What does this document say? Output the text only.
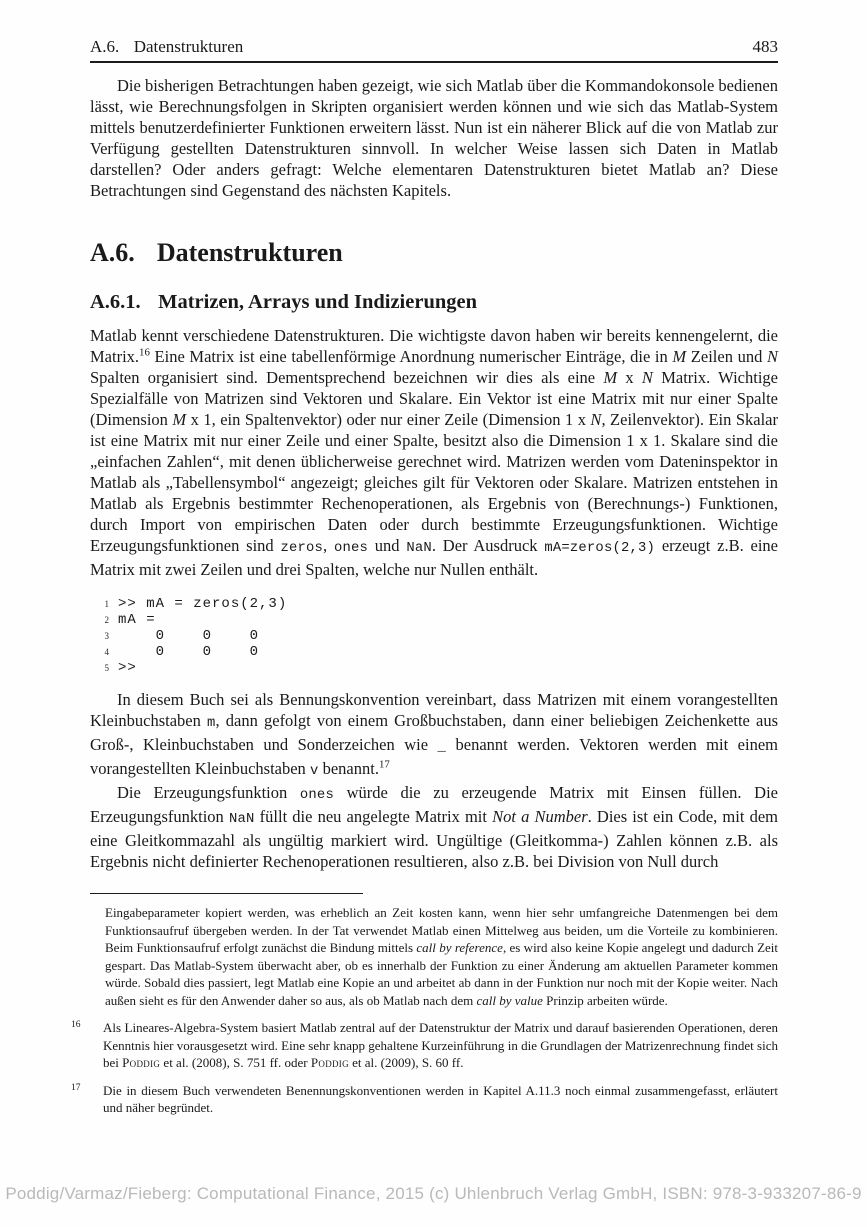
A.6. Datenstrukturen	483

Die bisherigen Betrachtungen haben gezeigt, wie sich Matlab über die Kommandokonsole bedienen lässt, wie Berechnungsfolgen in Skripten organisiert werden können und wie sich das Matlab-System mittels benutzerdefinierter Funktionen erweitern lässt. Nun ist ein näherer Blick auf die von Matlab zur Verfügung gestellten Datenstrukturen sinnvoll. In welcher Weise lassen sich Daten in Matlab darstellen? Oder anders gefragt: Welche elementaren Datenstrukturen bietet Matlab an? Diese Betrachtungen sind Gegenstand des nächsten Kapitels.

A.6. Datenstrukturen
A.6.1. Matrizen, Arrays und Indizierungen

Matlab kennt verschiedene Datenstrukturen. Die wichtigste davon haben wir bereits kennengelernt, die Matrix.$^{16}$ Eine Matrix ist eine tabellenförmige Anordnung numerischer Einträge, die in M Zeilen und N Spalten organisiert sind. Dementsprechend bezeichnen wir dies als eine M x N Matrix. Wichtige Spezialfälle von Matrizen sind Vektoren und Skalare. Ein Vektor ist eine Matrix mit nur einer Spalte (Dimension M x 1, ein Spaltenvektor) oder nur einer Zeile (Dimension 1 x N, Zeilenvektor). Ein Skalar ist eine Matrix mit nur einer Zeile und einer Spalte, besitzt also die Dimension 1 x 1. Skalare sind die „einfachen Zahlen“, mit denen üblicherweise gerechnet wird. Matrizen werden vom Dateninspektor in Matlab als „Tabellensymbol“ angezeigt; gleiches gilt für Vektoren oder Skalare. Matrizen entstehen in Matlab als Ergebnis bestimmter Rechenoperationen, als Ergebnis von (Berechnungs-) Funktionen, durch Import von empirischen Daten oder durch bestimmte Erzeugungsfunktionen. Wichtige Erzeugungsfunktionen sind zeros, ones und NaN. Der Ausdruck mA=zeros(2,3) erzeugt z.B. eine Matrix mit zwei Zeilen und drei Spalten, welche nur Nullen enthält.

1 >> mA = zeros(2,3)
2 mA =
3 0    0    0
4 0    0    0
5 >>

In diesem Buch sei als Bennungskonvention vereinbart, dass Matrizen mit einem vorangestellten Kleinbuchstaben m, dann gefolgt von einem Großbuchstaben, dann einer beliebigen Zeichenkette aus Groß-, Kleinbuchstaben und Sonderzeichen wie _ benannt werden. Vektoren werden mit einem vorangestellten Kleinbuchstaben v benannt.$^{17}$

Die Erzeugungsfunktion ones würde die zu erzeugende Matrix mit Einsen füllen. Die Erzeugungsfunktion NaN füllt die neu angelegte Matrix mit Not a Number. Dies ist ein Code, mit dem eine Gleitkommazahl als ungültig markiert wird. Ungültige (Gleitkomma-) Zahlen können z.B. als Ergebnis nicht definierter Rechenoperationen resultieren, also z.B. bei Division von Null durch

Eingabeparameter kopiert werden, was erheblich an Zeit kosten kann, wenn hier sehr umfangreiche Datenmengen bei dem Funktionsaufruf übergeben werden. In der Tat verwendet Matlab einen Mittelweg aus beiden, um die Vorteile zu kombinieren. Beim Funktionsaufruf erfolgt zunächst die Bindung mittels call by reference, es wird also keine Kopie angelegt und dadurch Zeit gespart. Das Matlab-System überwacht aber, ob es innerhalb der Funktion zu einer Änderung am aktuellen Parameter kommen würde. Sobald dies passiert, legt Matlab eine Kopie an und arbeitet ab dann in der Funktion nur noch mit der Kopie weiter. Nach außen sieht es für den Anwender daher so aus, als ob Matlab nach dem call by value Prinzip arbeiten würde.
16	Als Lineares-Algebra-System basiert Matlab zentral auf der Datenstruktur der Matrix und darauf basierenden Operationen, deren Kenntnis hier vorausgesetzt wird. Eine sehr knapp gehaltene Kurzeinführung in die Grundlagen der Matrizenrechnung findet sich bei Poddig et al. (2008), S. 751 ff. oder Poddig et al. (2009), S. 60 ff.
17	Die in diesem Buch verwendeten Benennungskonventionen werden in Kapitel A.11.3 noch einmal zusammengefasst, erläutert und näher begründet.
Poddig/Varmaz/Fieberg: Computational Finance, 2015 (c) Uhlenbruch Verlag GmbH, ISBN: 978-3-933207-86-9
